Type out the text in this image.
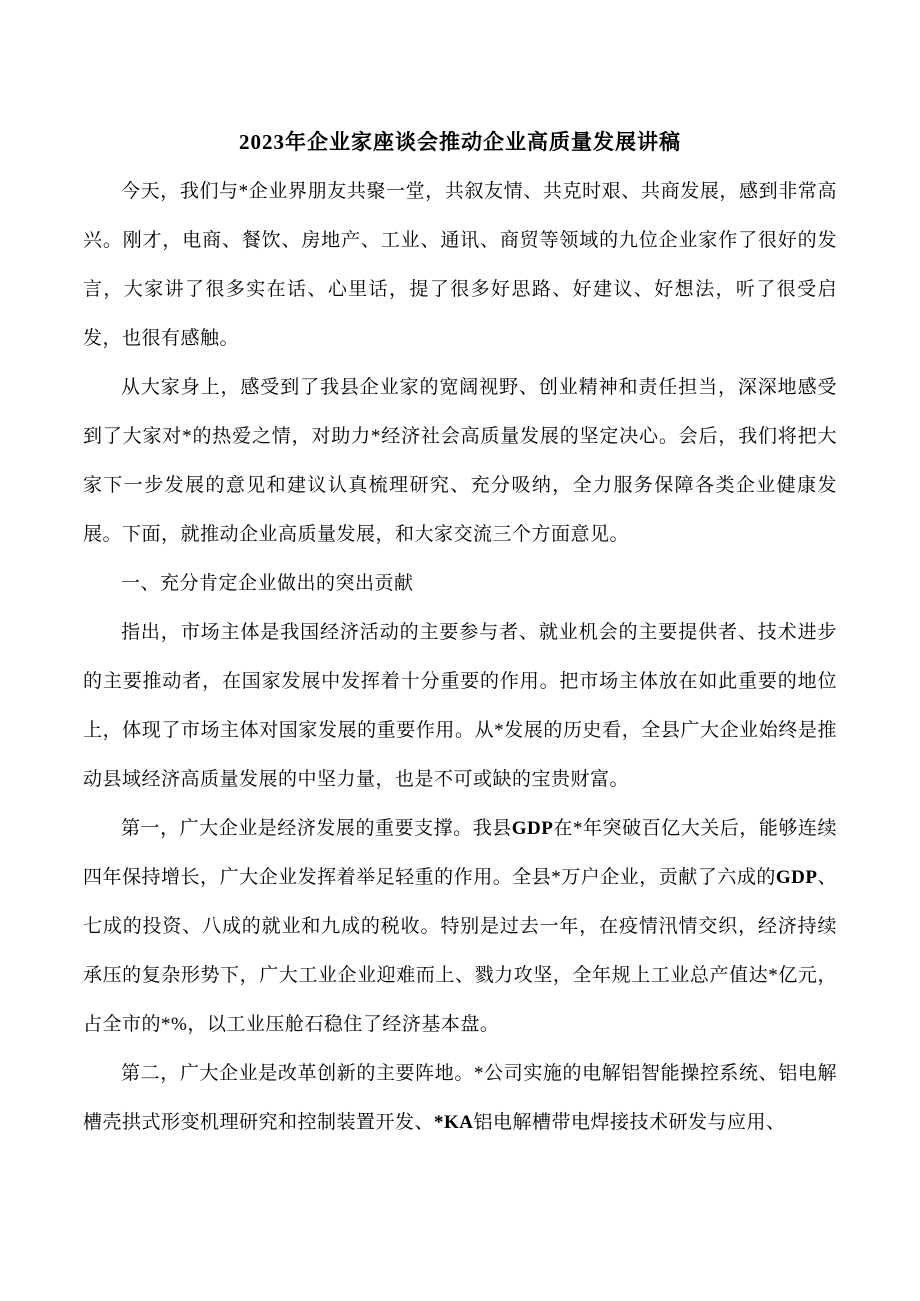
2023年企业家座谈会推动企业高质量发展讲稿

今天，我们与*企业界朋友共聚一堂，共叙友情、共克时艰、共商发展，感到非常高兴。刚才，电商、餐饮、房地产、工业、通讯、商贸等领域的九位企业家作了很好的发言，大家讲了很多实在话、心里话，提了很多好思路、好建议、好想法，听了很受启发，也很有感触。

从大家身上，感受到了我县企业家的宽阔视野、创业精神和责任担当，深深地感受到了大家对*的热爱之情，对助力*经济社会高质量发展的坚定决心。会后，我们将把大家下一步发展的意见和建议认真梳理研究、充分吸纳，全力服务保障各类企业健康发展。下面，就推动企业高质量发展，和大家交流三个方面意见。

一、充分肯定企业做出的突出贡献

指出，市场主体是我国经济活动的主要参与者、就业机会的主要提供者、技术进步的主要推动者，在国家发展中发挥着十分重要的作用。把市场主体放在如此重要的地位上，体现了市场主体对国家发展的重要作用。从*发展的历史看，全县广大企业始终是推动县域经济高质量发展的中坚力量，也是不可或缺的宝贵财富。

第一，广大企业是经济发展的重要支撑。我县GDP在*年突破百亿大关后，能够连续四年保持增长，广大企业发挥着举足轻重的作用。全县*万户企业，贡献了六成的GDP、七成的投资、八成的就业和九成的税收。特别是过去一年，在疫情汛情交织，经济持续承压的复杂形势下，广大工业企业迎难而上、戮力攻坚，全年规上工业总产值达*亿元，占全市的*%，以工业压舱石稳住了经济基本盘。

第二，广大企业是改革创新的主要阵地。*公司实施的电解铝智能操控系统、铝电解槽壳拱式形变机理研究和控制装置开发、*KA铝电解槽带电焊接技术研发与应用、
